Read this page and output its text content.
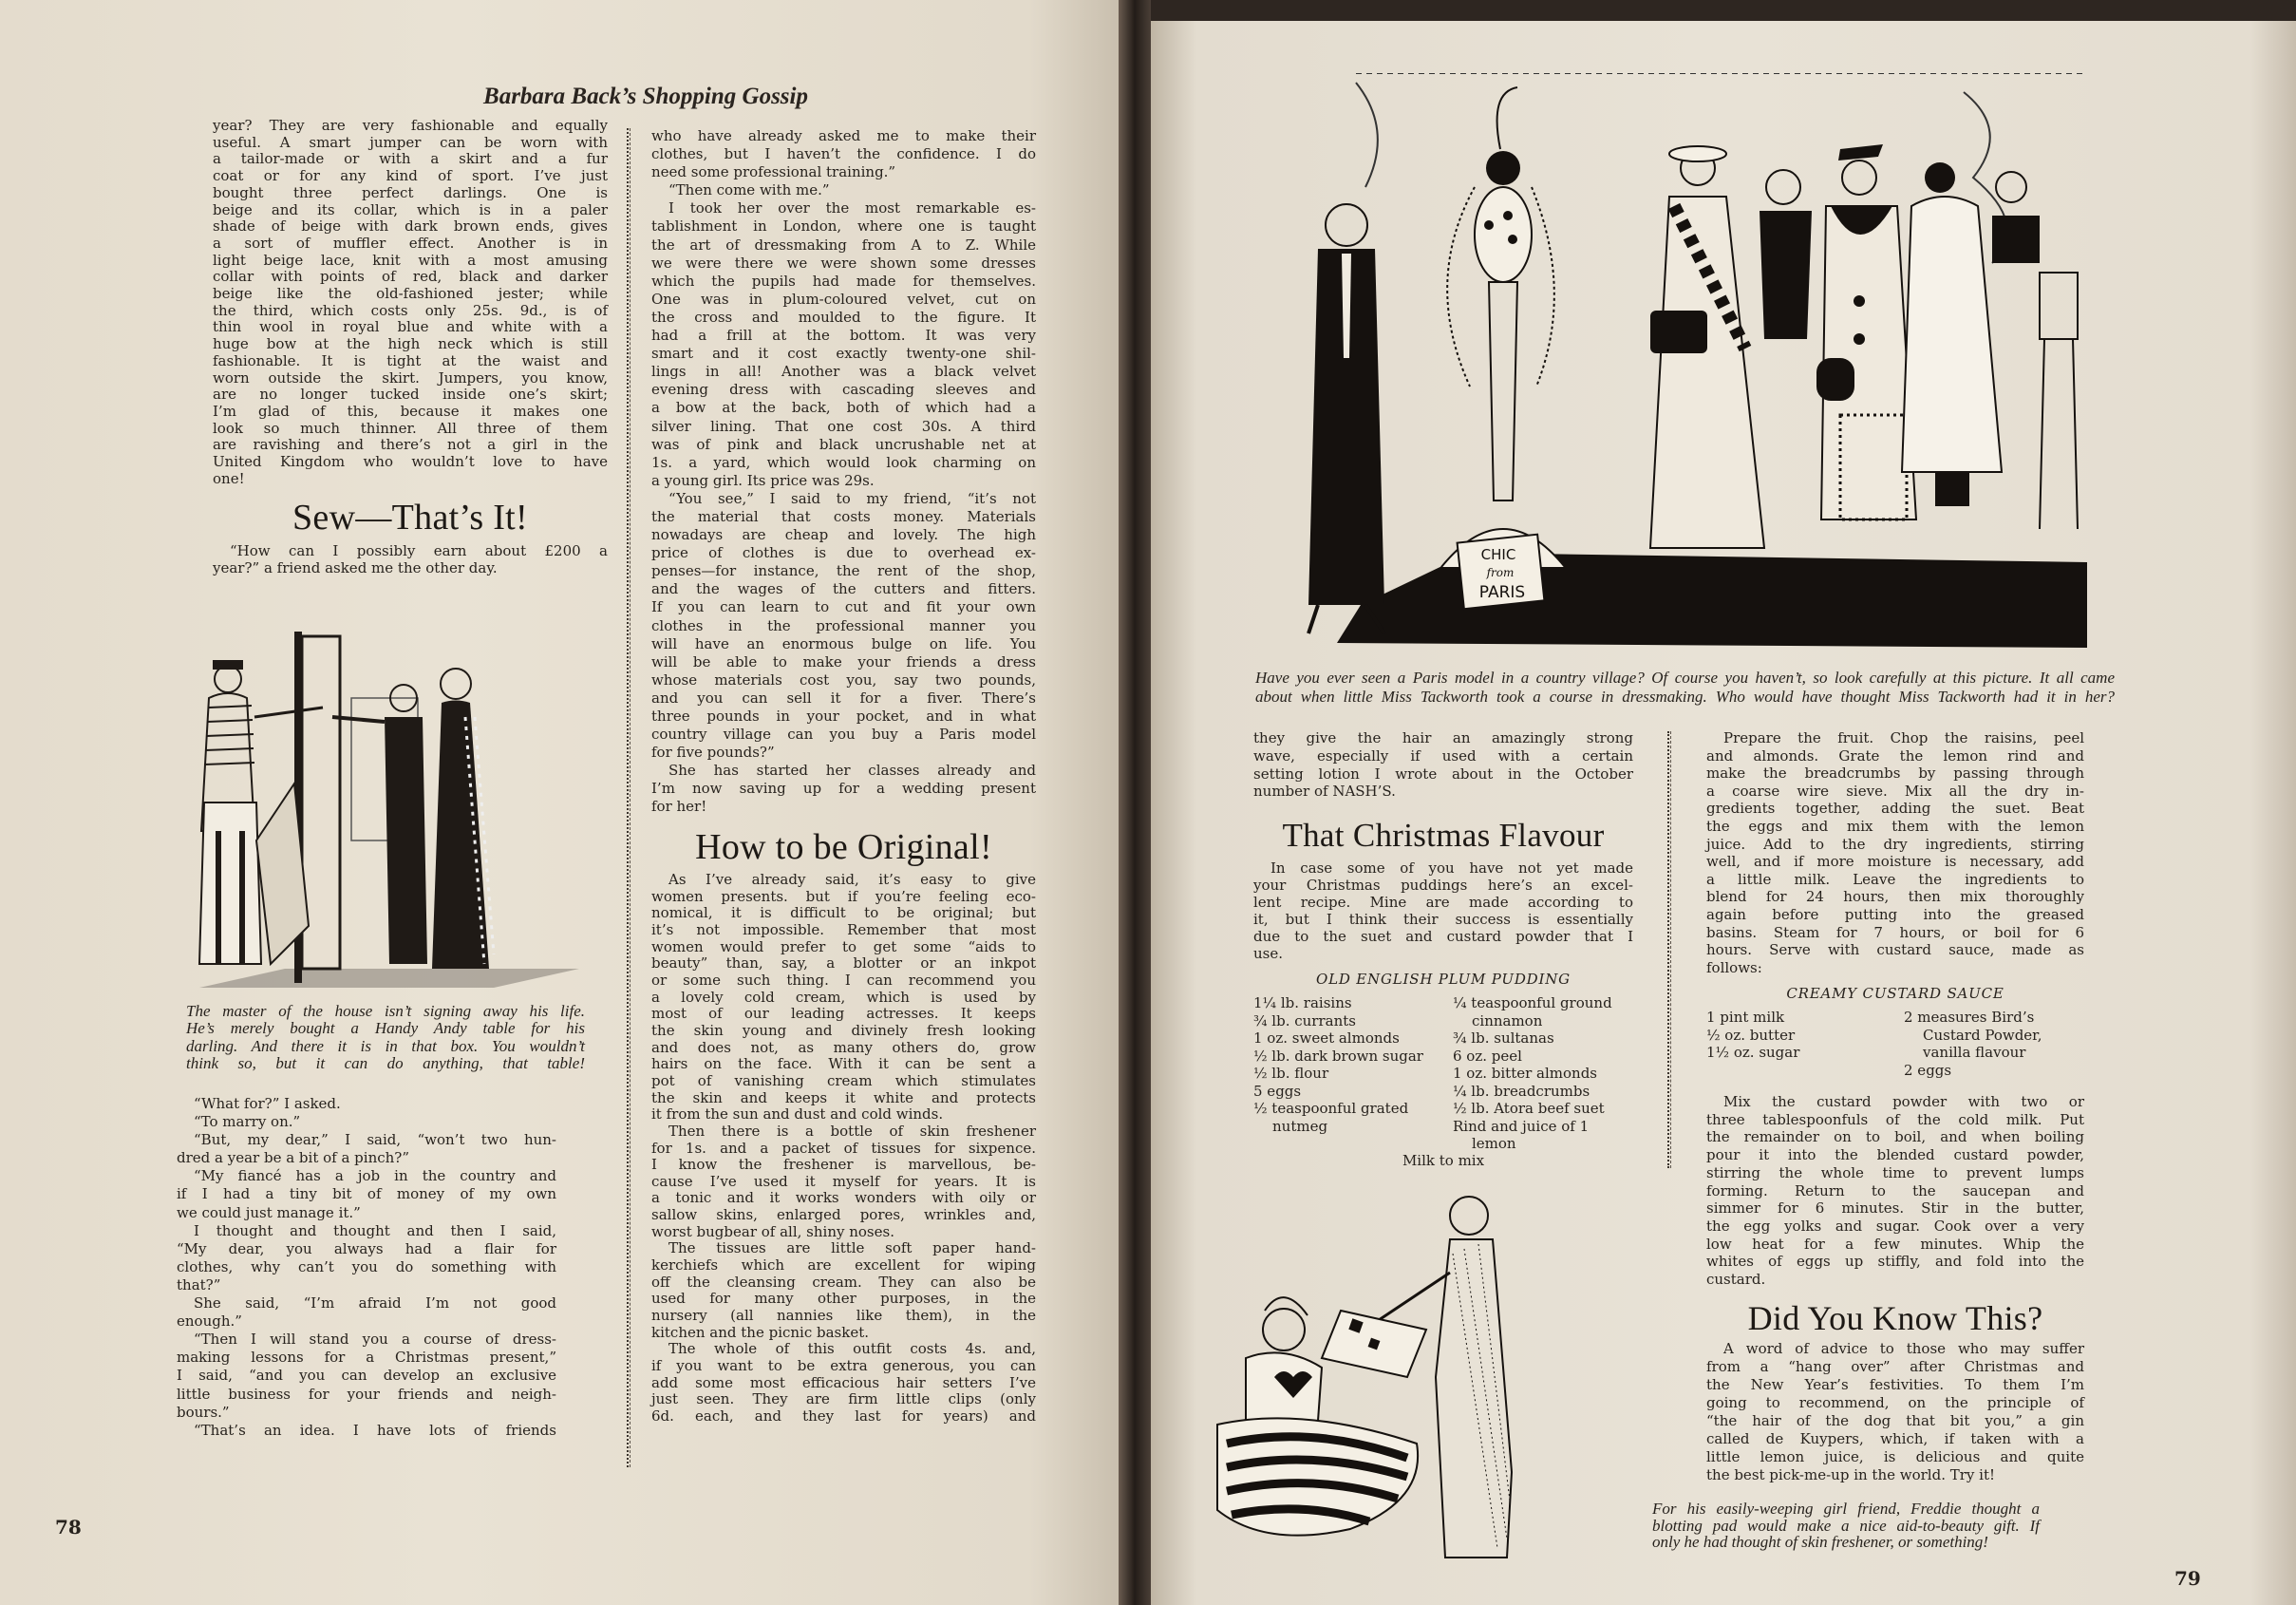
Barbara Back’s Shopping Gossip
year? They are very fashionable and equally
useful. A smart jumper can be worn with
a tailor-made or with a skirt and a fur
coat or for any kind of sport. I’ve just
bought three perfect darlings. One is
beige and its collar, which is in a paler
shade of beige with dark brown ends, gives
a sort of muffler effect. Another is in
light beige lace, knit with a most amusing
collar with points of red, black and darker
beige like the old-fashioned jester; while
the third, which costs only 25s. 9d., is of
thin wool in royal blue and white with a
huge bow at the high neck which is still
fashionable. It is tight at the waist and
worn outside the skirt. Jumpers, you know,
are no longer tucked inside one’s skirt;
I’m glad of this, because it makes one
look so much thinner. All three of them
are ravishing and there’s not a girl in the
United Kingdom who wouldn’t love to have
one!
Sew—That’s It!
“How can I possibly earn about £200 a
year?” a friend asked me the other day.
The master of the house isn’t signing away his life.
He’s merely bought a Handy Andy table for his
darling. And there it is in that box. You wouldn’t
think so, but it can do anything, that table!
“What for?” I asked.
“To marry on.”
“But, my dear,” I said, “won’t two hun-
dred a year be a bit of a pinch?”
“My fiancé has a job in the country and
if I had a tiny bit of money of my own
we could just manage it.”
I thought and thought and then I said,
“My dear, you always had a flair for
clothes, why can’t you do something with
that?”
She said, “I’m afraid I’m not good
enough.”
“Then I will stand you a course of dress-
making lessons for a Christmas present,”
I said, “and you can develop an exclusive
little business for your friends and neigh-
bours.”
“That’s an idea. I have lots of friends
who have already asked me to make their
clothes, but I haven’t the confidence. I do
need some professional training.”
“Then come with me.”
I took her over the most remarkable es-
tablishment in London, where one is taught
the art of dressmaking from A to Z. While
we were there we were shown some dresses
which the pupils had made for themselves.
One was in plum-coloured velvet, cut on
the cross and moulded to the figure. It
had a frill at the bottom. It was very
smart and it cost exactly twenty-one shil-
lings in all! Another was a black velvet
evening dress with cascading sleeves and
a bow at the back, both of which had a
silver lining. That one cost 30s. A third
was of pink and black uncrushable net at
1s. a yard, which would look charming on
a young girl. Its price was 29s.
“You see,” I said to my friend, “it’s not
the material that costs money. Materials
nowadays are cheap and lovely. The high
price of clothes is due to overhead ex-
penses—for instance, the rent of the shop,
and the wages of the cutters and fitters.
If you can learn to cut and fit your own
clothes in the professional manner you
will have an enormous bulge on life. You
will be able to make your friends a dress
whose materials cost you, say two pounds,
and you can sell it for a fiver. There’s
three pounds in your pocket, and in what
country village can you buy a Paris model
for five pounds?”
She has started her classes already and
I’m now saving up for a wedding present
for her!
How to be Original!
As I’ve already said, it’s easy to give
women presents. but if you’re feeling eco-
nomical, it is difficult to be original; but
it’s not impossible. Remember that most
women would prefer to get some “aids to
beauty” than, say, a blotter or an inkpot
or some such thing. I can recommend you
a lovely cold cream, which is used by
most of our leading actresses. It keeps
the skin young and divinely fresh looking
and does not, as many others do, grow
hairs on the face. With it can be sent a
pot of vanishing cream which stimulates
the skin and keeps it white and protects
it from the sun and dust and cold winds.
Then there is a bottle of skin freshener
for 1s. and a packet of tissues for sixpence.
I know the freshener is marvellous, be-
cause I’ve used it myself for years. It is
a tonic and it works wonders with oily or
sallow skins, enlarged pores, wrinkles and,
worst bugbear of all, shiny noses.
The tissues are little soft paper hand-
kerchiefs which are excellent for wiping
off the cleansing cream. They can also be
used for many other purposes, in the
nursery (all nannies like them), in the
kitchen and the picnic basket.
The whole of this outfit costs 4s. and,
if you want to be extra generous, you can
add some most efficacious hair setters I’ve
just seen. They are firm little clips (only
6d. each, and they last for years) and
78
CHIC
from
PARIS
Have you ever seen a Paris model in a country village? Of course you haven’t, so look carefully at this picture. It all came
about when little Miss Tackworth took a course in dressmaking. Who would have thought Miss Tackworth had it in her?
they give the hair an amazingly strong
wave, especially if used with a certain
setting lotion I wrote about in the October
number of NASH’S.
That Christmas Flavour
In case some of you have not yet made
your Christmas puddings here’s an excel-
lent recipe. Mine are made according to
it, but I think their success is essentially
due to the suet and custard powder that I
use.
OLD ENGLISH PLUM PUDDING
1¼ lb. raisins
¾ lb. currants
1 oz. sweet almonds
½ lb. dark brown sugar
½ lb. flour
5 eggs
½ teaspoonful grated nutmeg
¼ teaspoonful ground cinnamon
¾ lb. sultanas
6 oz. peel
1 oz. bitter almonds
¼ lb. breadcrumbs
½ lb. Atora beef suet
Rind and juice of 1 lemon
Milk to mix
Prepare the fruit. Chop the raisins, peel
and almonds. Grate the lemon rind and
make the breadcrumbs by passing through
a coarse wire sieve. Mix all the dry in-
gredients together, adding the suet. Beat
the eggs and mix them with the lemon
juice. Add to the dry ingredients, stirring
well, and if more moisture is necessary, add
a little milk. Leave the ingredients to
blend for 24 hours, then mix thoroughly
again before putting into the greased
basins. Steam for 7 hours, or boil for 6
hours. Serve with custard sauce, made as
follows:
CREAMY CUSTARD SAUCE
1 pint milk
½ oz. butter
1½ oz. sugar
2 measures Bird’s Custard Powder, vanilla flavour
2 eggs
Mix the custard powder with two or
three tablespoonfuls of the cold milk. Put
the remainder on to boil, and when boiling
pour it into the blended custard powder,
stirring the whole time to prevent lumps
forming. Return to the saucepan and
simmer for 6 minutes. Stir in the butter,
the egg yolks and sugar. Cook over a very
low heat for a few minutes. Whip the
whites of eggs up stiffly, and fold into the
custard.
Did You Know This?
A word of advice to those who may suffer
from a “hang over” after Christmas and
the New Year’s festivities. To them I’m
going to recommend, on the principle of
“the hair of the dog that bit you,” a gin
called de Kuypers, which, if taken with a
little lemon juice, is delicious and quite
the best pick-me-up in the world. Try it!
For his easily-weeping girl friend, Freddie thought a
blotting pad would make a nice aid-to-beauty gift. If
only he had thought of skin freshener, or something!
79
